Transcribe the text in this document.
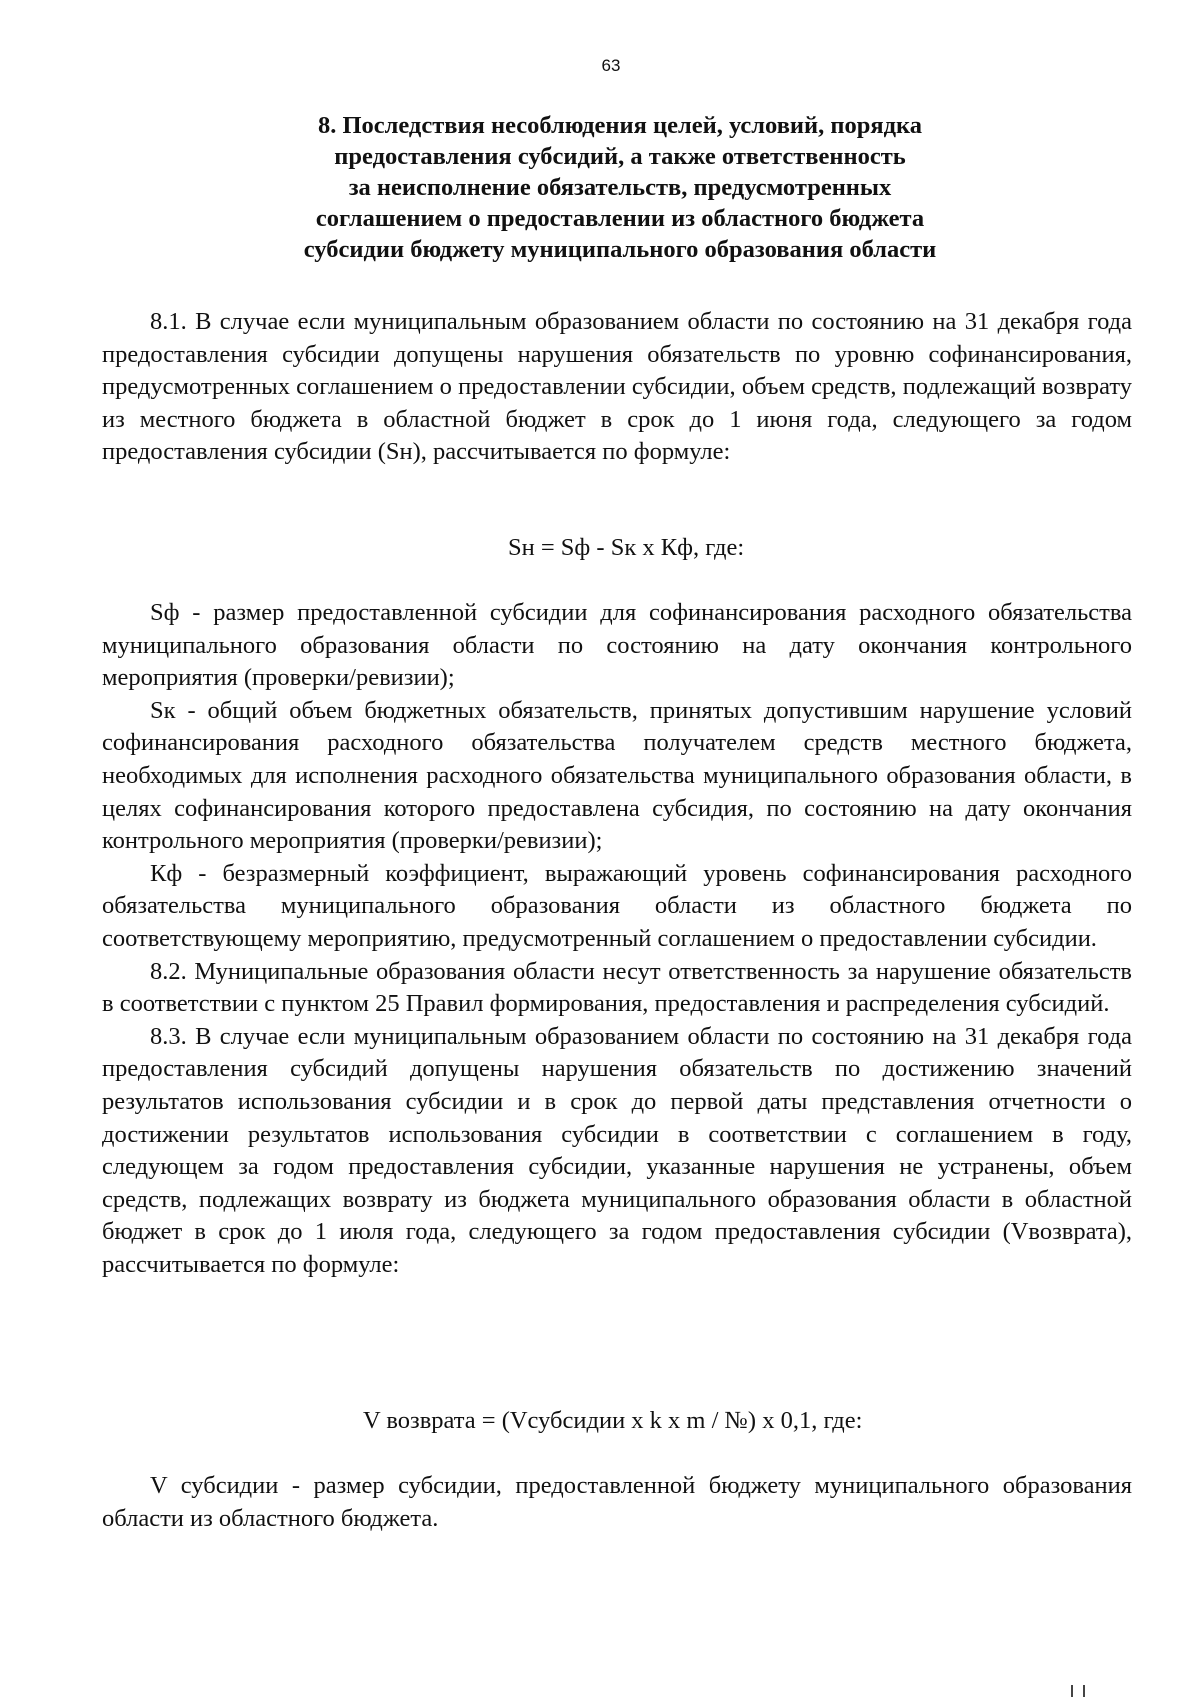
63
8. Последствия несоблюдения целей, условий, порядка
предоставления субсидий, а также ответственность
за неисполнение обязательств, предусмотренных
соглашением о предоставлении из областного бюджета
субсидии бюджету муниципального образования области

8.1. В случае если муниципальным образованием области по состоянию на 31 декабря года предоставления субсидии допущены нарушения обязательств по уровню софинансирования, предусмотренных соглашением о предоставлении субсидии, объем средств, подлежащий возврату из местного бюджета в областной бюджет в срок до 1 июня года, следующего за годом предоставления субсидии (Sн), рассчитывается по формуле:

Sн = Sф - Sк x Кф, где:

Sф - размер предоставленной субсидии для софинансирования расходного обязательства муниципального образования области по состоянию на дату окончания контрольного мероприятия (проверки/ревизии);

Sк - общий объем бюджетных обязательств, принятых допустившим нарушение условий софинансирования расходного обязательства получателем средств местного бюджета, необходимых для исполнения расходного обязательства муниципального образования области, в целях софинансирования которого предоставлена субсидия, по состоянию на дату окончания контрольного мероприятия (проверки/ревизии);

Кф - безразмерный коэффициент, выражающий уровень софинансирования расходного обязательства муниципального образования области из областного бюджета по соответствующему мероприятию, предусмотренный соглашением о предоставлении субсидии.

8.2. Муниципальные образования области несут ответственность за нарушение обязательств в соответствии с пунктом 25 Правил формирования, предоставления и распределения субсидий.

8.3. В случае если муниципальным образованием области по состоянию на 31 декабря года предоставления субсидий допущены нарушения обязательств по достижению значений результатов использования субсидии и в срок до первой даты представления отчетности о достижении результатов использования субсидии в соответствии с соглашением в году, следующем за годом предоставления субсидии, указанные нарушения не устранены, объем средств, подлежащих возврату из бюджета муниципального образования области в областной бюджет в срок до 1 июля года, следующего за годом предоставления субсидии (Vвозврата), рассчитывается по формуле:

V возврата = (Vсубсидии x k x m / №) x 0,1, где:

V субсидии - размер субсидии, предоставленной бюджету муниципального образования области из областного бюджета.
